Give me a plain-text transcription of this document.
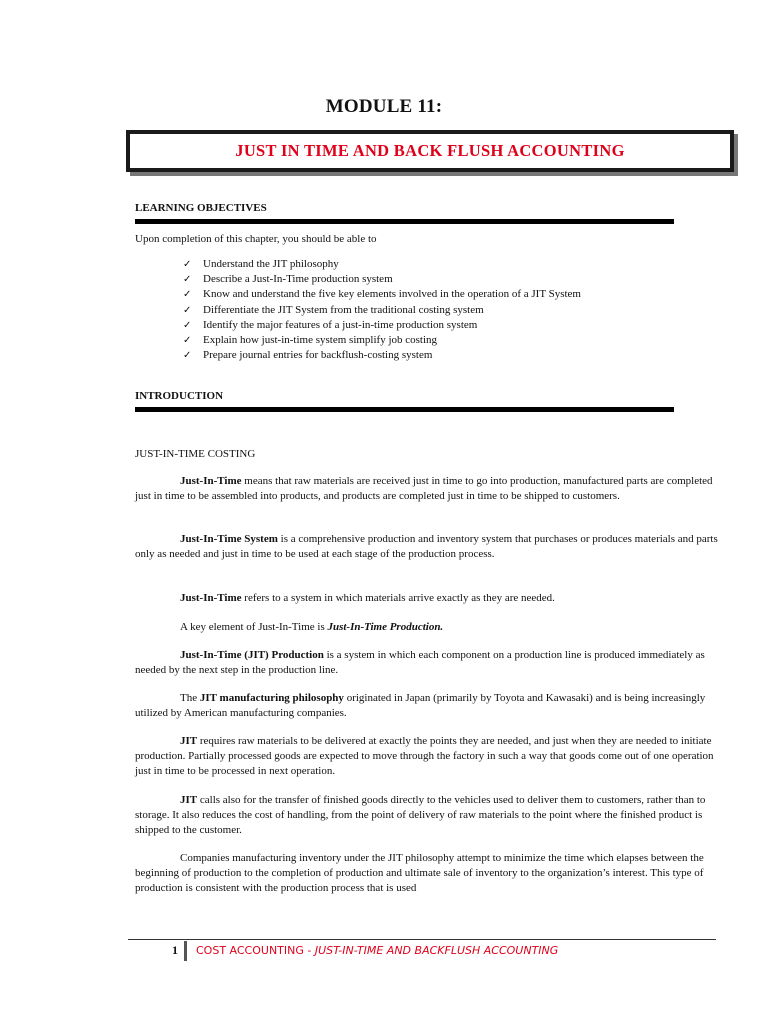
MODULE 11:
JUST IN TIME AND BACK FLUSH ACCOUNTING
LEARNING OBJECTIVES
Upon completion of this chapter, you should be able to
✓	Understand the JIT philosophy
✓	Describe a Just-In-Time production system
✓	Know and understand the five key elements involved in the operation of a JIT System
✓	Differentiate the JIT System from the traditional costing system
✓	Identify the major features of a just-in-time production system
✓	Explain how just-in-time system simplify job costing
✓	Prepare journal entries for backflush-costing system
INTRODUCTION
JUST-IN-TIME COSTING

Just-In-Time means that raw materials are received just in time to go into production, manufactured parts are completed just in time to be assembled into products, and products are completed just in time to be shipped to customers.

Just-In-Time System is a comprehensive production and inventory system that purchases or produces materials and parts only as needed and just in time to be used at each stage of the production process.

Just-In-Time refers to a system in which materials arrive exactly as they are needed.

A key element of Just-In-Time is Just-In-Time Production.

Just-In-Time (JIT) Production is a system in which each component on a production line is produced immediately as needed by the next step in the production line.

The JIT manufacturing philosophy originated in Japan (primarily by Toyota and Kawasaki) and is being increasingly utilized by American manufacturing companies.

JIT requires raw materials to be delivered at exactly the points they are needed, and just when they are needed to initiate production. Partially processed goods are expected to move through the factory in such a way that goods come out of one operation just in time to be processed in next operation.

JIT calls also for the transfer of finished goods directly to the vehicles used to deliver them to customers, rather than to storage. It also reduces the cost of handling, from the point of delivery of raw materials to the point where the finished product is shipped to the customer.

Companies manufacturing inventory under the JIT philosophy attempt to minimize the time which elapses between the beginning of production to the completion of production and ultimate sale of inventory to the organization’s interest. This type of production is consistent with the production process that is used

1 COST ACCOUNTING - JUST-IN-TIME AND BACKFLUSH ACCOUNTING
